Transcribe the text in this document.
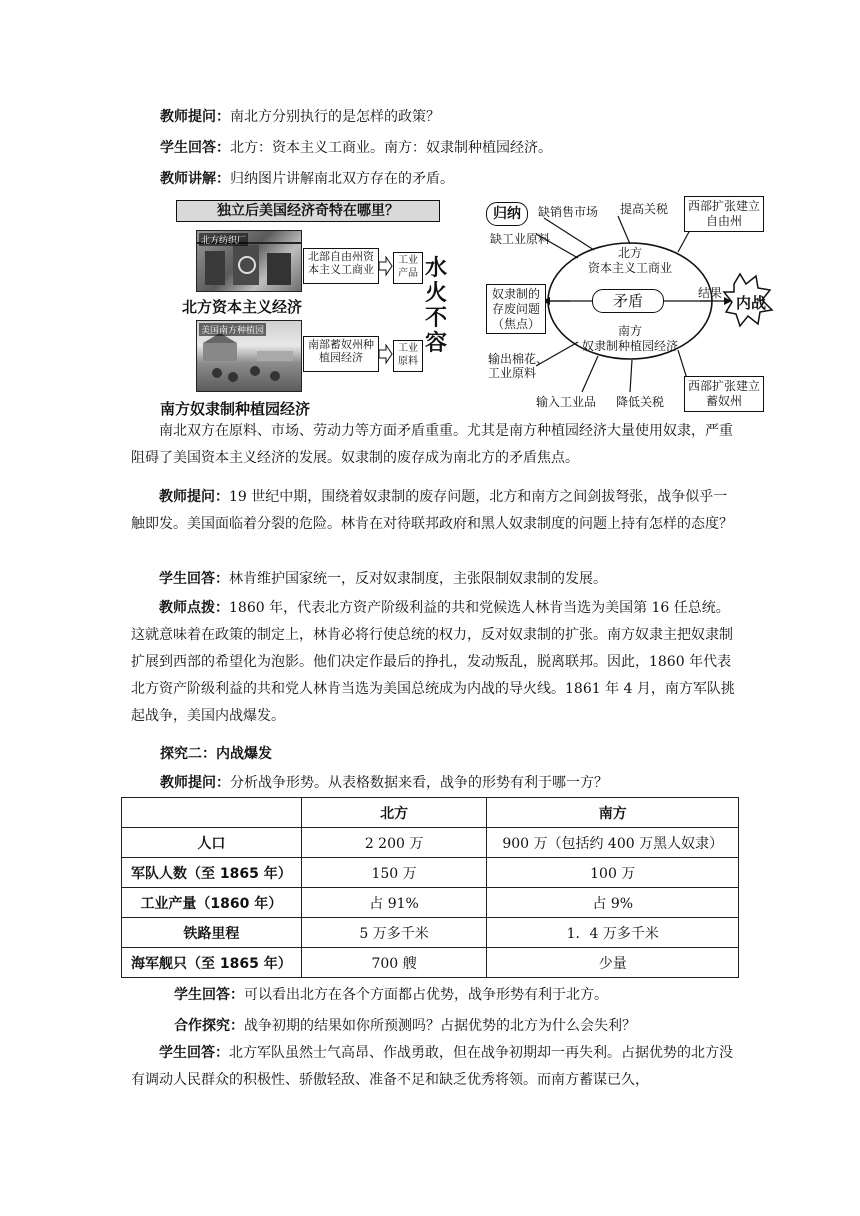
教师提问：南北方分别执行的是怎样的政策？
学生回答：北方：资本主义工商业。南方：奴隶制种植园经济。
教师讲解：归纳图片讲解南北双方存在的矛盾。
独立后美国经济奇特在哪里？
北方纺织厂
北部自由州资本主义工商业
工业产品
北方资本主义经济
美国南方种植园
南部蓄奴州种植园经济
工业原料
南方奴隶制种植园经济
水
火
不
容
归纳	缺销售市场 提高关税
缺工业原料
西部扩张建立自由州
北方
资本主义工商业
矛盾
南方
奴隶制种植园经济
奴隶制的存废问题（焦点）
结果
内战
输出棉花、工业原料
输入工业品 降低关税
西部扩张建立蓄奴州

南北双方在原料、市场、劳动力等方面矛盾重重。尤其是南方种植园经济大量使用奴隶，严重阻碍了美国资本主义经济的发展。奴隶制的废存成为南北方的矛盾焦点。

教师提问：19 世纪中期，围绕着奴隶制的废存问题，北方和南方之间剑拔弩张，战争似乎一触即发。美国面临着分裂的危险。林肯在对待联邦政府和黑人奴隶制度的问题上持有怎样的态度？

学生回答：林肯维护国家统一，反对奴隶制度，主张限制奴隶制的发展。

教师点拨：1860 年，代表北方资产阶级利益的共和党候选人林肯当选为美国第 16 任总统。这就意味着在政策的制定上，林肯必将行使总统的权力，反对奴隶制的扩张。南方奴隶主把奴隶制扩展到西部的希望化为泡影。他们决定作最后的挣扎，发动叛乱，脱离联邦。因此，1860 年代表北方资产阶级利益的共和党人林肯当选为美国总统成为内战的导火线。1861 年 4 月，南方军队挑起战争，美国内战爆发。

探究二：内战爆发
教师提问：分析战争形势。从表格数据来看，战争的形势有利于哪一方？
	北方	南方
人口	2 200 万	900 万（包括约 400 万黑人奴隶）
军队人数（至 1865 年）	150 万	100 万
工业产量（1860 年）	占 91%	占 9%
铁路里程	5 万多千米	1．4 万多千米
海军舰只（至 1865 年）	700 艘	少量
学生回答：可以看出北方在各个方面都占优势，战争形势有利于北方。
合作探究：战争初期的结果如你所预测吗？占据优势的北方为什么会失利？

学生回答：北方军队虽然士气高昂、作战勇敢，但在战争初期却一再失利。占据优势的北方没有调动人民群众的积极性、骄傲轻敌、准备不足和缺乏优秀将领。而南方蓄谋已久，
